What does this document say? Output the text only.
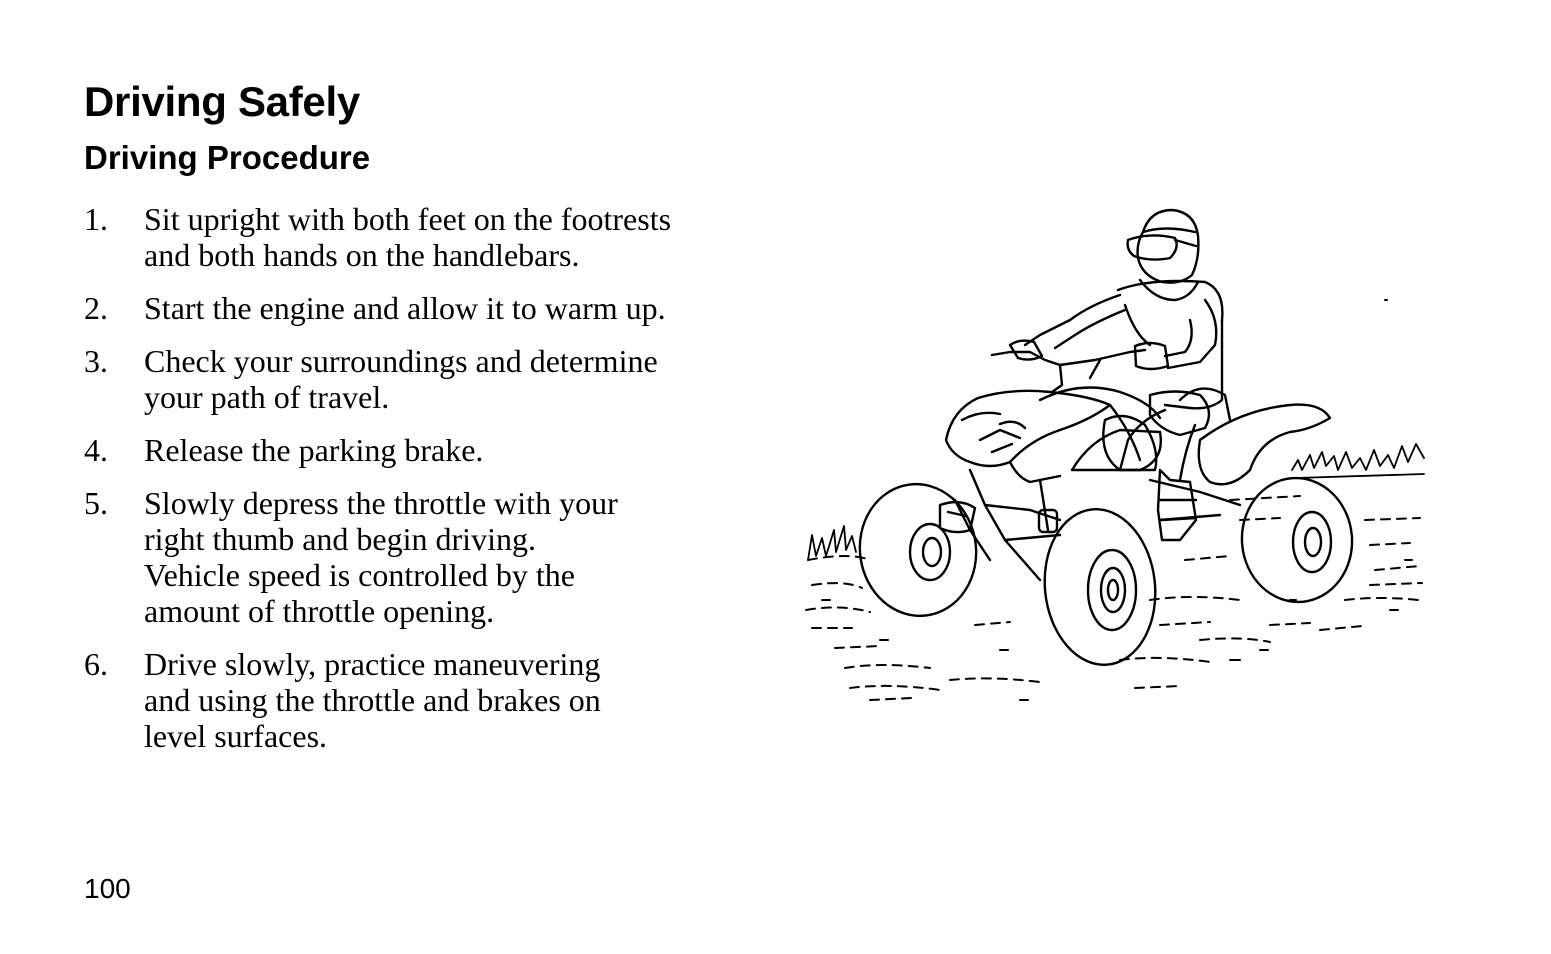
Driving Safely
Driving Procedure
1. Sit upright with both feet on the footrests
and both hands on the handlebars.
2. Start the engine and allow it to warm up.
3. Check your surroundings and determine
your path of travel.
4. Release the parking brake.
5. Slowly depress the throttle with your
right thumb and begin driving.
Vehicle speed is controlled by the
amount of throttle opening.
6. Drive slowly, practice maneuvering
and using the throttle and brakes on
level surfaces.

100
